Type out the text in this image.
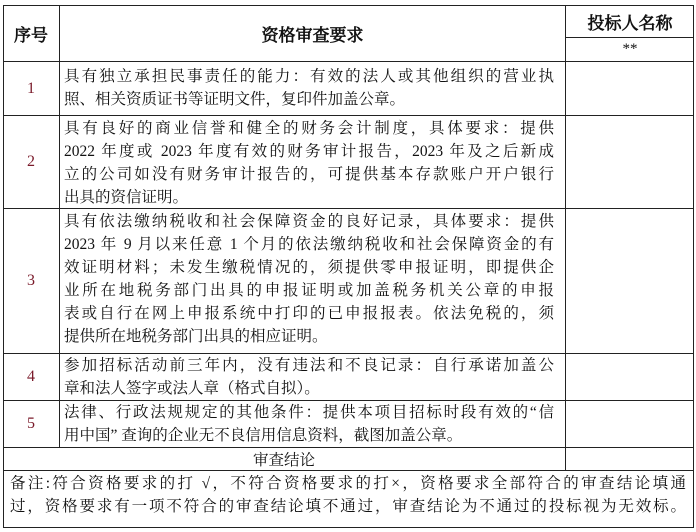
序号	资格审查要求
投标人名称
**
1
具有独立承担民事责任的能力：有效的法人或其他组织的营业执
照、相关资质证书等证明文件，复印件加盖公章。
2
具有良好的商业信誉和健全的财务会计制度，具体要求：提供
2022 年度或 2023 年度有效的财务审计报告，2023 年及之后新成
立的公司如没有财务审计报告的，可提供基本存款账户开户银行
出具的资信证明。
3
具有依法缴纳税收和社会保障资金的良好记录，具体要求：提供
2023 年 9 月以来任意 1 个月的依法缴纳税收和社会保障资金的有
效证明材料；未发生缴税情况的，须提供零申报证明，即提供企
业所在地税务部门出具的申报证明或加盖税务机关公章的申报
表或自行在网上申报系统中打印的已申报报表。依法免税的，须
提供所在地税务部门出具的相应证明。
4
参加招标活动前三年内，没有违法和不良记录：自行承诺加盖公
章和法人签字或法人章（格式自拟）。
5
法律、行政法规规定的其他条件：提供本项目招标时段有效的“信
用中国” 查询的企业无不良信用信息资料，截图加盖公章。
审查结论
备注:符合资格要求的打 √，不符合资格要求的打×，资格要求全部符合的审查结论填通
过，资格要求有一项不符合的审查结论填不通过，审查结论为不通过的投标视为无效标。
